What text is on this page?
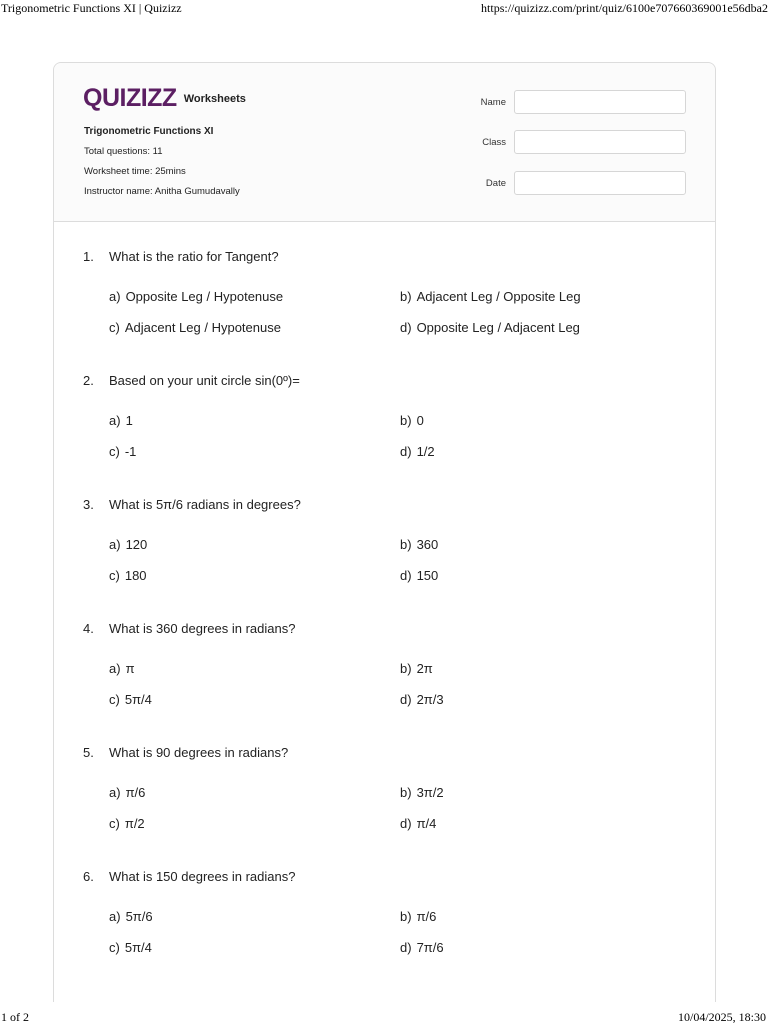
Trigonometric Functions XI | Quizizz	https://quizizz.com/print/quiz/6100e707660369001e56dba2
QUIZIZZ Worksheets
Trigonometric Functions XI
Total questions: 11
Worksheet time: 25mins
Instructor name: Anitha Gumudavally
Name
Class
Date
1. What is the ratio for Tangent?
a) Opposite Leg / Hypotenuse	b) Adjacent Leg / Opposite Leg
c) Adjacent Leg / Hypotenuse	d) Opposite Leg / Adjacent Leg
2. Based on your unit circle sin(0º)=
a) 1	b) 0
c) -1	d) 1/2
3. What is 5π/6 radians in degrees?
a) 120	b) 360
c) 180	d) 150
4. What is 360 degrees in radians?
a) π	b) 2π
c) 5π/4	d) 2π/3
5. What is 90 degrees in radians?
a) π/6	b) 3π/2
c) π/2	d) π/4
6. What is 150 degrees in radians?
a) 5π/6	b) π/6
c) 5π/4	d) 7π/6
1 of 2	10/04/2025, 18:30
